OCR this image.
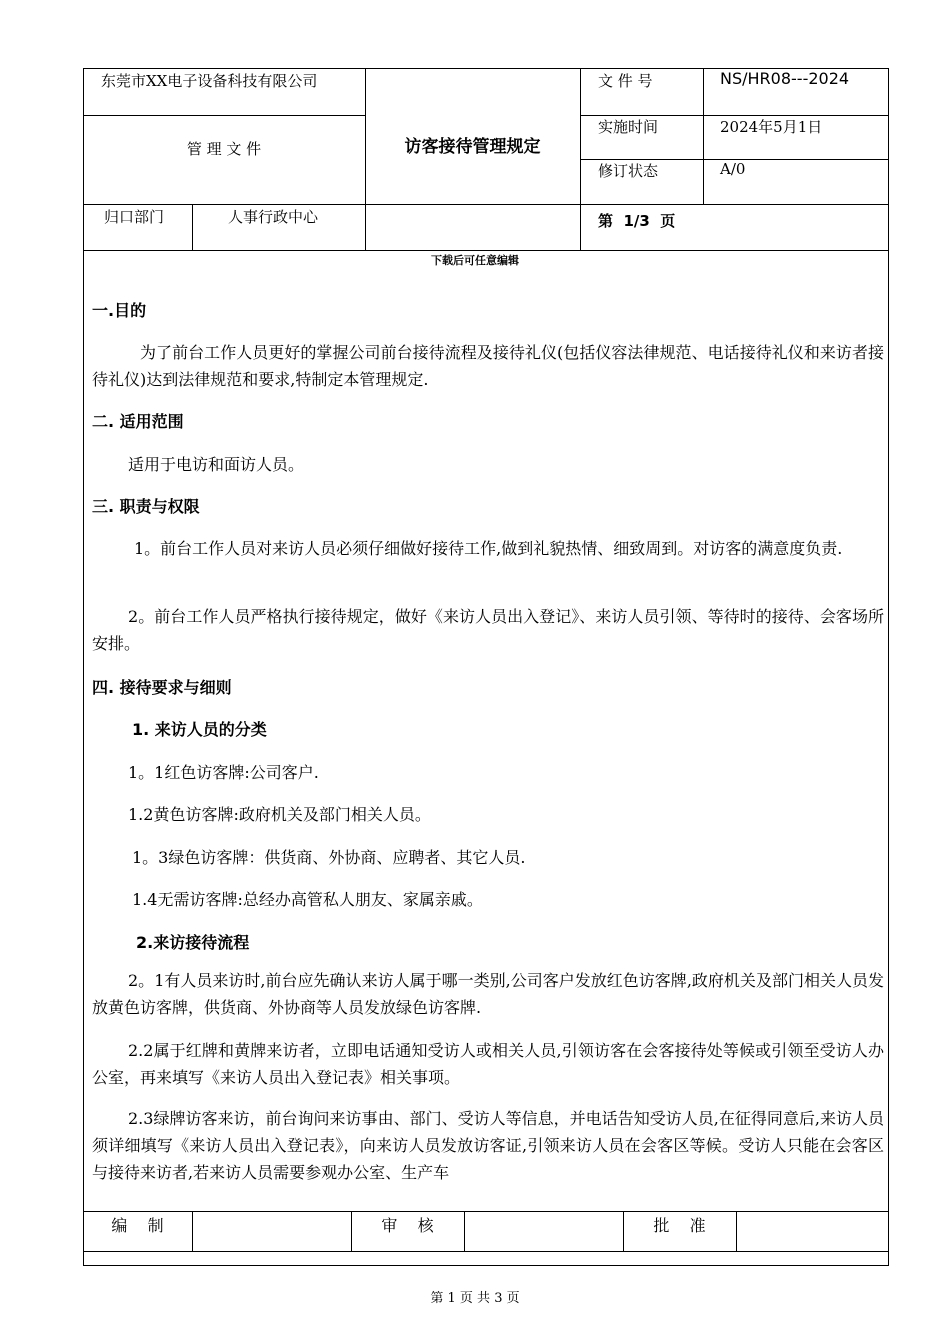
东莞市XX电子设备科技有限公司
管 理 文 件	访客接待管理规定
文 件 号	NS/HR08---2024
实施时间	2024年5月1日
修订状态	A/0
归口部门	人事行政中心	第  1/3  页
下载后可任意编辑
一.目的
为了前台工作人员更好的掌握公司前台接待流程及接待礼仪(包括仪容法律规范、电话接待礼仪和来访者接待礼仪)达到法律规范和要求,特制定本管理规定.
二. 适用范围
适用于电访和面访人员。
三. 职责与权限
1。前台工作人员对来访人员必须仔细做好接待工作,做到礼貌热情、细致周到。对访客的满意度负责.
2。前台工作人员严格执行接待规定，做好《来访人员出入登记》、来访人员引领、等待时的接待、会客场所安排。
四. 接待要求与细则
1. 来访人员的分类
1。1红色访客牌:公司客户.
1.2黄色访客牌:政府机关及部门相关人员。
1。3绿色访客牌：供货商、外协商、应聘者、其它人员.
1.4无需访客牌:总经办高管私人朋友、家属亲戚。
2.来访接待流程
2。1有人员来访时,前台应先确认来访人属于哪一类别,公司客户发放红色访客牌,政府机关及部门相关人员发放黄色访客牌，供货商、外协商等人员发放绿色访客牌.
2.2属于红牌和黄牌来访者，立即电话通知受访人或相关人员,引领访客在会客接待处等候或引领至受访人办公室，再来填写《来访人员出入登记表》相关事项。
2.3绿牌访客来访，前台询问来访事由、部门、受访人等信息，并电话告知受访人员,在征得同意后,来访人员须详细填写《来访人员出入登记表》，向来访人员发放访客证,引领来访人员在会客区等候。受访人只能在会客区与接待来访者,若来访人员需要参观办公室、生产车
编    制	审    核	批    准
第 1 页 共 3 页
